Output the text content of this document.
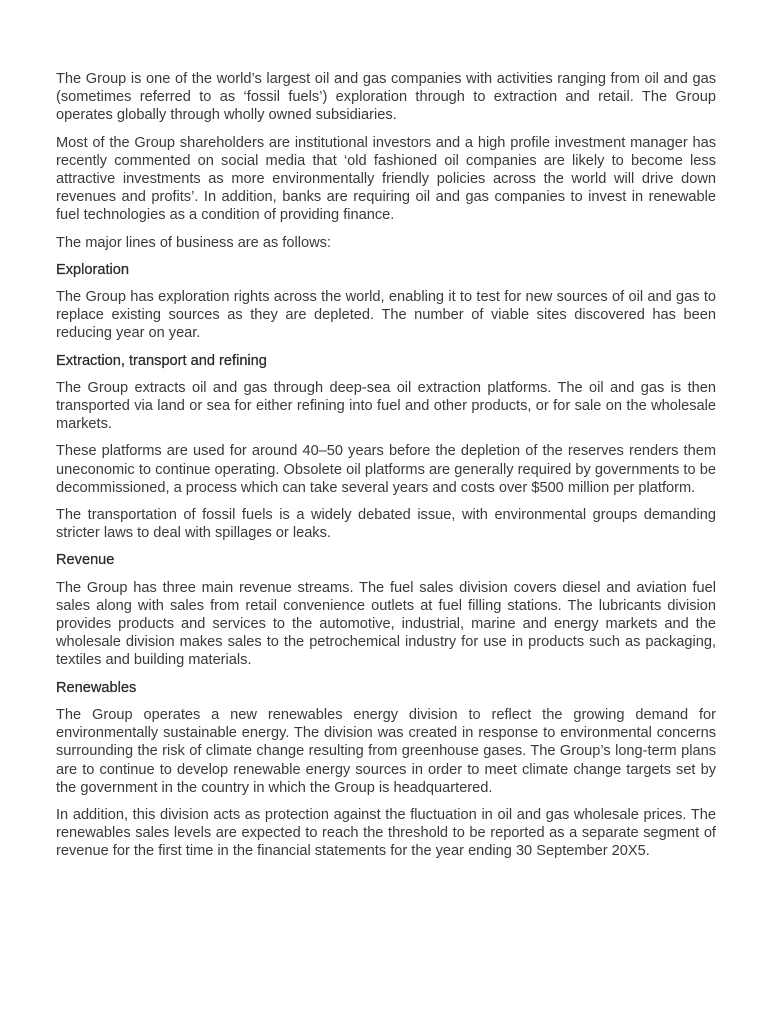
The Group is one of the world’s largest oil and gas companies with activities ranging from oil and gas (sometimes referred to as ‘fossil fuels’) exploration through to extraction and retail. The Group operates globally through wholly owned subsidiaries.

Most of the Group shareholders are institutional investors and a high profile investment manager has recently commented on social media that ‘old fashioned oil companies are likely to become less attractive investments as more environmentally friendly policies across the world will drive down revenues and profits’. In addition, banks are requiring oil and gas companies to invest in renewable fuel technologies as a condition of providing finance.

The major lines of business are as follows:

Exploration

The Group has exploration rights across the world, enabling it to test for new sources of oil and gas to replace existing sources as they are depleted. The number of viable sites discovered has been reducing year on year.

Extraction, transport and refining

The Group extracts oil and gas through deep-sea oil extraction platforms. The oil and gas is then transported via land or sea for either refining into fuel and other products, or for sale on the wholesale markets.

These platforms are used for around 40–50 years before the depletion of the reserves renders them uneconomic to continue operating. Obsolete oil platforms are generally required by governments to be decommissioned, a process which can take several years and costs over $500 million per platform.

The transportation of fossil fuels is a widely debated issue, with environmental groups demanding stricter laws to deal with spillages or leaks.

Revenue

The Group has three main revenue streams. The fuel sales division covers diesel and aviation fuel sales along with sales from retail convenience outlets at fuel filling stations. The lubricants division provides products and services to the automotive, industrial, marine and energy markets and the wholesale division makes sales to the petrochemical industry for use in products such as packaging, textiles and building materials.

Renewables

The Group operates a new renewables energy division to reflect the growing demand for environmentally sustainable energy. The division was created in response to environmental concerns surrounding the risk of climate change resulting from greenhouse gases. The Group’s long-term plans are to continue to develop renewable energy sources in order to meet climate change targets set by the government in the country in which the Group is headquartered.

In addition, this division acts as protection against the fluctuation in oil and gas wholesale prices. The renewables sales levels are expected to reach the threshold to be reported as a separate segment of revenue for the first time in the financial statements for the year ending 30 September 20X5.
